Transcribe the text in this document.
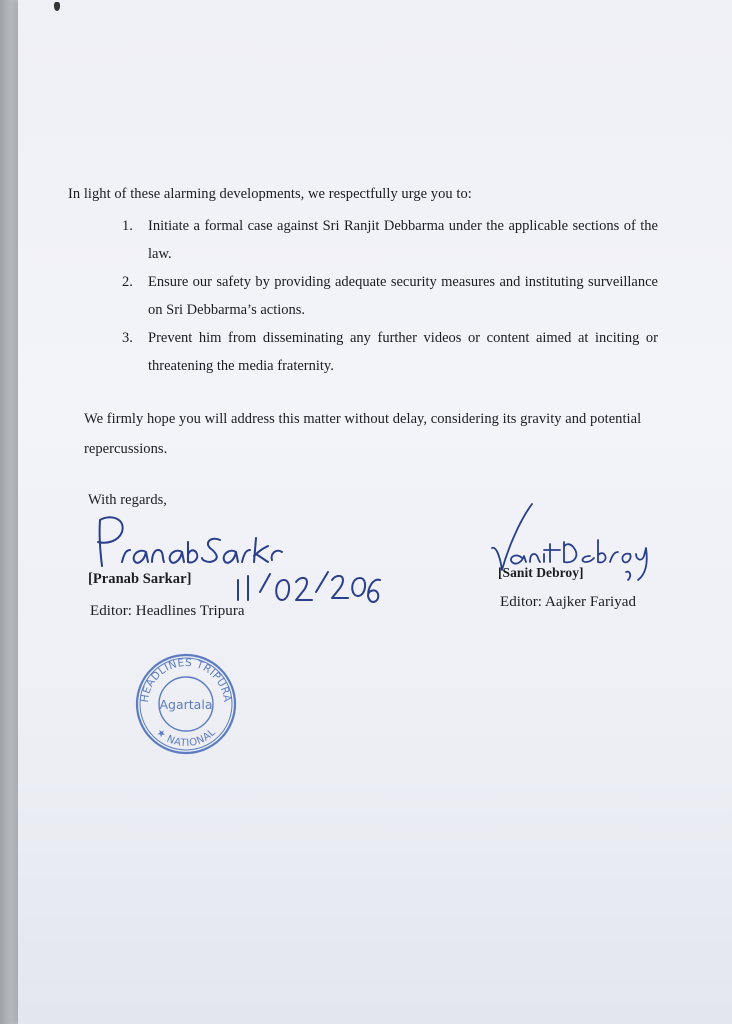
In light of these alarming developments, we respectfully urge you to:
1. Initiate a formal case against Sri Ranjit Debbarma under the applicable sections of the law.
2. Ensure our safety by providing adequate security measures and instituting surveillance on Sri Debbarma’s actions.
3. Prevent him from disseminating any further videos or content aimed at inciting or threatening the media fraternity.
We firmly hope you will address this matter without delay, considering its gravity and potential repercussions.
With regards,
[Pranab Sarkar]
Editor: Headlines Tripura
[Sanit Debroy]
Editor: Aajker Fariyad
HEADLINES TRIPURA
★ NATIONAL
Agartala
